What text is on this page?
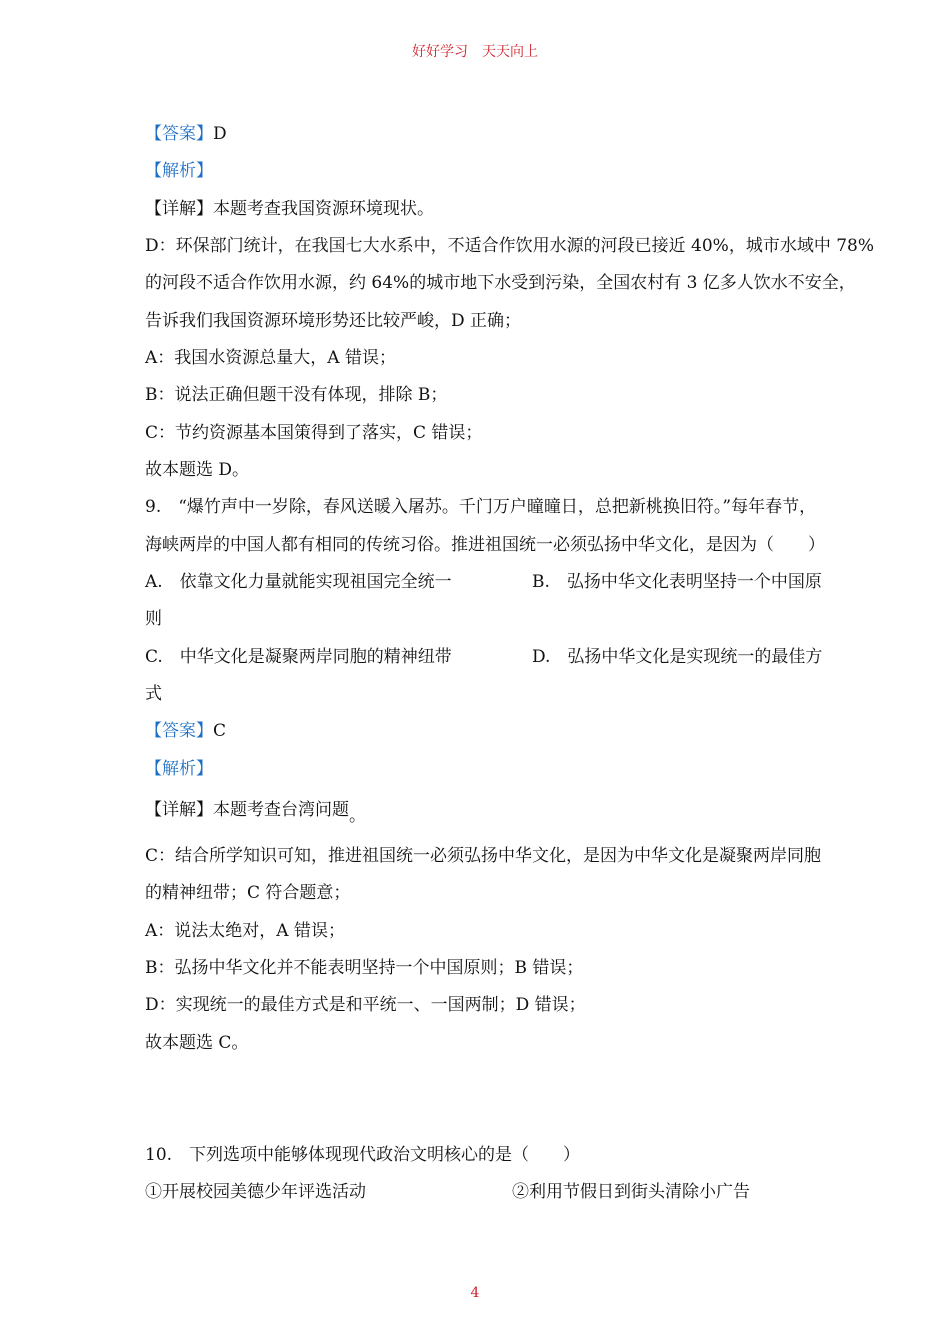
好好学习　天天向上
【答案】D
【解析】
【详解】本题考查我国资源环境现状。
D：环保部门统计，在我国七大水系中，不适合作饮用水源的河段已接近 40%，城市水域中 78%
的河段不适合作饮用水源，约 64%的城市地下水受到污染，全国农村有 3 亿多人饮水不安全，
告诉我们我国资源环境形势还比较严峻，D 正确；
A：我国水资源总量大，A 错误；
B：说法正确但题干没有体现，排除 B；
C：节约资源基本国策得到了落实，C 错误；
故本题选 D。
9.　“爆竹声中一岁除，春风送暖入屠苏。千门万户曈曈日，总把新桃换旧符。”每年春节，
海峡两岸的中国人都有相同的传统习俗。推进祖国统一必须弘扬中华文化，是因为（　　）
A.　依靠文化力量就能实现祖国完全统一	B.　弘扬中华文化表明坚持一个中国原
则
C.　中华文化是凝聚两岸同胞的精神纽带	D.　弘扬中华文化是实现统一的最佳方
式
【答案】C
【解析】
【详解】本题考查台湾问题。
C：结合所学知识可知，推进祖国统一必须弘扬中华文化，是因为中华文化是凝聚两岸同胞
的精神纽带；C 符合题意；
A：说法太绝对，A 错误；
B：弘扬中华文化并不能表明坚持一个中国原则；B 错误；
D：实现统一的最佳方式是和平统一、一国两制；D 错误；
故本题选 C。
10.　下列选项中能够体现现代政治文明核心的是（　　）
①开展校园美德少年评选活动	②利用节假日到街头清除小广告
4
